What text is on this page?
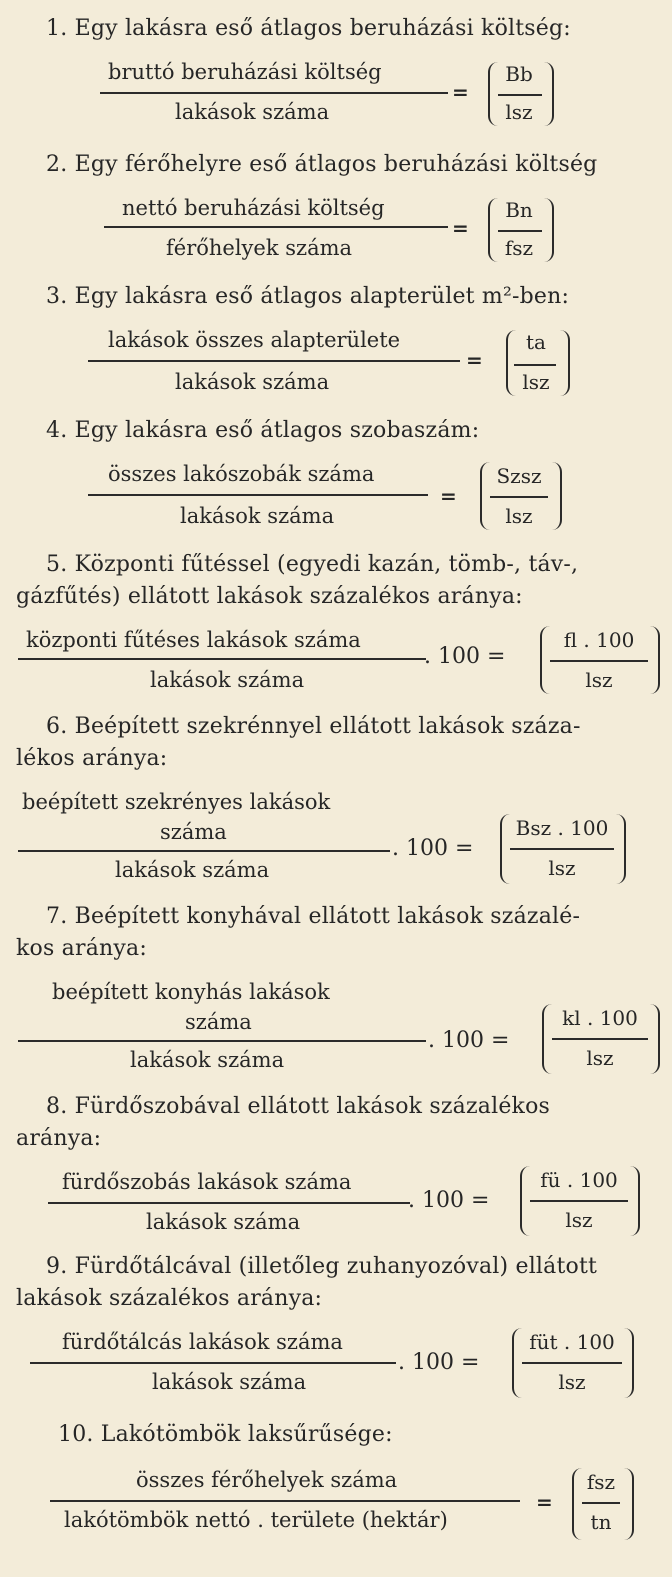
1. Egy lakásra eső átlagos beruházási költség:
bruttó beruházási költség
lakások száma
=
Bb
lsz
2. Egy férőhelyre eső átlagos beruházási költség
nettó beruházási költség
férőhelyek száma
=
Bn
fsz
3. Egy lakásra eső átlagos alapterület m²-ben:
lakások összes alapterülete
lakások száma
=
ta
lsz
4. Egy lakásra eső átlagos szobaszám:
összes lakószobák száma
lakások száma
=
Szsz
lsz
5. Központi fűtéssel (egyedi kazán, tömb-, táv-,
gázfűtés) ellátott lakások százalékos aránya:
központi fűtéses lakások száma
lakások száma
. 100 =
fl . 100
lsz
6. Beépített szekrénnyel ellátott lakások száza-
lékos aránya:
beépített szekrényes lakások
száma
lakások száma
. 100 =
Bsz . 100
lsz
7. Beépített konyhával ellátott lakások százalé-
kos aránya:
beépített konyhás lakások
száma
lakások száma
. 100 =
kl . 100
lsz
8. Fürdőszobával ellátott lakások százalékos
aránya:
fürdőszobás lakások száma
lakások száma
. 100 =
fü . 100
lsz
9. Fürdőtálcával (illetőleg zuhanyozóval) ellátott
lakások százalékos aránya:
fürdőtálcás lakások száma
lakások száma
. 100 =
füt . 100
lsz
10. Lakótömbök laksűrűsége:
összes férőhelyek száma
lakótömbök nettó . területe (hektár)
=
fsz
tn
